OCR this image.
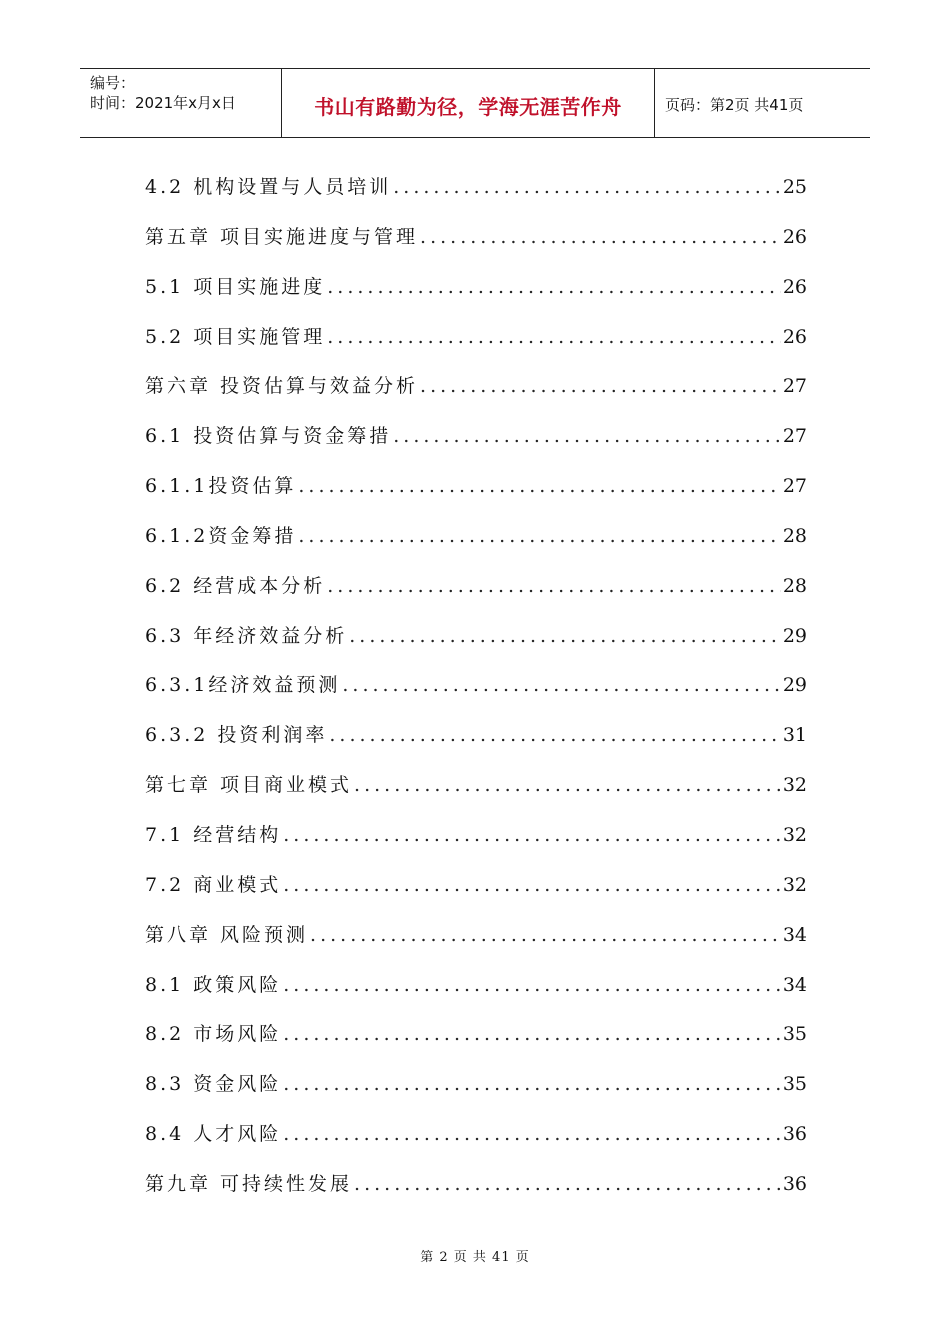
编号：
时间：2021年x月x日	书山有路勤为径，学海无涯苦作舟	页码：第2页 共41页
4.2 机构设置与人员培训 .....	25
第五章 项目实施进度与管理 .....	26
5.1 项目实施进度 .....	26
5.2 项目实施管理 .....	26
第六章 投资估算与效益分析 .....	27
6.1 投资估算与资金筹措 .....	27
6.1.1投资估算 .....	27
6.1.2资金筹措 .....	28
6.2 经营成本分析 .....	28
6.3 年经济效益分析 .....	29
6.3.1经济效益预测 .....	29
6.3.2 投资利润率 .....	31
第七章 项目商业模式 .....	32
7.1 经营结构 .....	32
7.2 商业模式 .....	32
第八章 风险预测 .....	34
8.1 政策风险 .....	34
8.2 市场风险 .....	35
8.3 资金风险 .....	35
8.4 人才风险 .....	36
第九章 可持续性发展 .....	36
第 2 页 共 41 页
